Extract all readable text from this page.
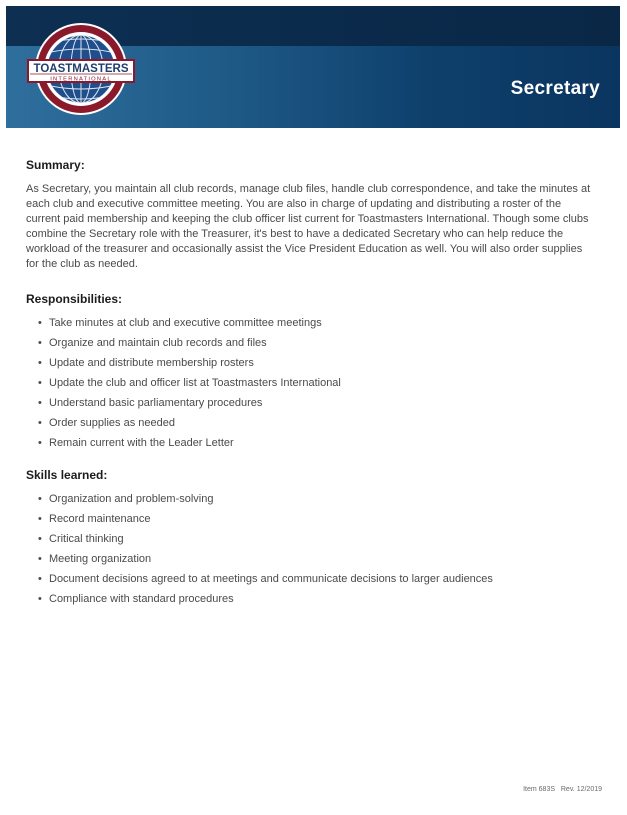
Secretary
TOASTMASTERS
INTERNATIONAL
Summary:

As Secretary, you maintain all club records, manage club files, handle club correspondence, and take the minutes at each club and executive committee meeting. You are also in charge of updating and distributing a roster of the current paid membership and keeping the club officer list current for Toastmasters International. Though some clubs combine the Secretary role with the Treasurer, it's best to have a dedicated Secretary who can help reduce the workload of the treasurer and occasionally assist the Vice President Education as well. You will also order supplies for the club as needed.

Responsibilities:
• Take minutes at club and executive committee meetings
• Organize and maintain club records and files
• Update and distribute membership rosters
• Update the club and officer list at Toastmasters International
• Understand basic parliamentary procedures
• Order supplies as needed
• Remain current with the Leader Letter
Skills learned:
• Organization and problem-solving
• Record maintenance
• Critical thinking
• Meeting organization
• Document decisions agreed to at meetings and communicate decisions to larger audiences
• Compliance with standard procedures
Item 683S Rev. 12/2019
